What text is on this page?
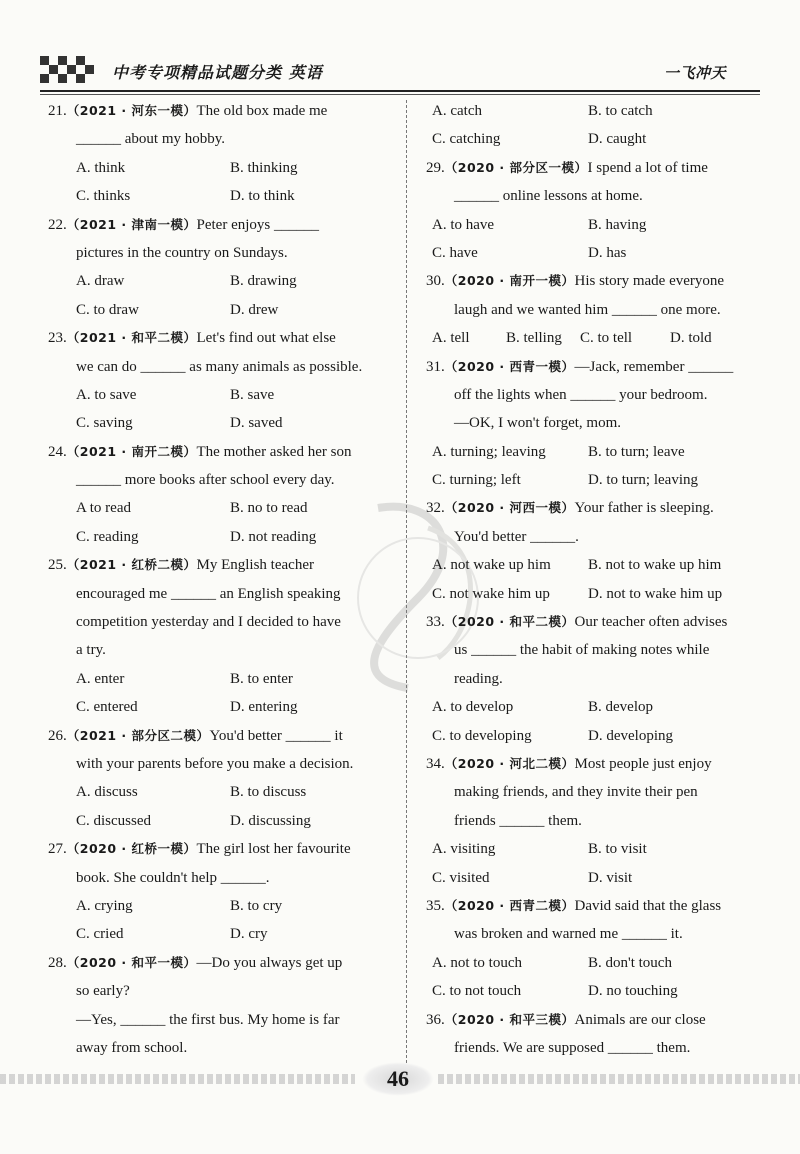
中考专项精品试题分类 英语	一飞冲天
21.（2021 · 河东一模）The old box made me
______ about my hobby.
A. think	B. thinking
C. thinks	D. to think
22.（2021 · 津南一模）Peter enjoys ______
pictures in the country on Sundays.
A. draw	B. drawing
C. to draw	D. drew
23.（2021 · 和平二模）Let's find out what else
we can do ______ as many animals as possible.
A. to save	B. save
C. saving	D. saved
24.（2021 · 南开二模）The mother asked her son
______ more books after school every day.
A to read	B. no to read
C. reading	D. not reading
25.（2021 · 红桥二模）My English teacher
encouraged me ______ an English speaking
competition yesterday and I decided to have
a try.
A. enter	B. to enter
C. entered	D. entering
26.（2021 · 部分区二模）You'd better ______ it
with your parents before you make a decision.
A. discuss	B. to discuss
C. discussed	D. discussing
27.（2020 · 红桥一模）The girl lost her favourite
book. She couldn't help ______.
A. crying	B. to cry
C. cried	D. cry
28.（2020 · 和平一模）—Do you always get up
so early?
—Yes, ______ the first bus. My home is far
away from school.
A. catch	B. to catch
C. catching	D. caught
29.（2020 · 部分区一模）I spend a lot of time
______ online lessons at home.
A. to have	B. having
C. have	D. has
30.（2020 · 南开一模）His story made everyone
laugh and we wanted him ______ one more.
A. tell B. telling C. to tell	D. told
31.（2020 · 西青一模）—Jack, remember ______
off the lights when ______ your bedroom.
—OK, I won't forget, mom.
A. turning; leaving	B. to turn; leave
C. turning; left	D. to turn; leaving
32.（2020 · 河西一模）Your father is sleeping.
You'd better ______.
A. not wake up him B. not to wake up him
C. not wake him up	D. not to wake him up
33.（2020 · 和平二模）Our teacher often advises
us ______ the habit of making notes while
reading.
A. to develop	B. develop
C. to developing	D. developing
34.（2020 · 河北二模）Most people just enjoy
making friends, and they invite their pen
friends ______ them.
A. visiting	B. to visit
C. visited	D. visit
35.（2020 · 西青二模）David said that the glass
was broken and warned me ______ it.
A. not to touch	B. don't touch
C. to not touch	D. no touching
36.（2020 · 和平三模）Animals are our close
friends. We are supposed ______ them.
46
